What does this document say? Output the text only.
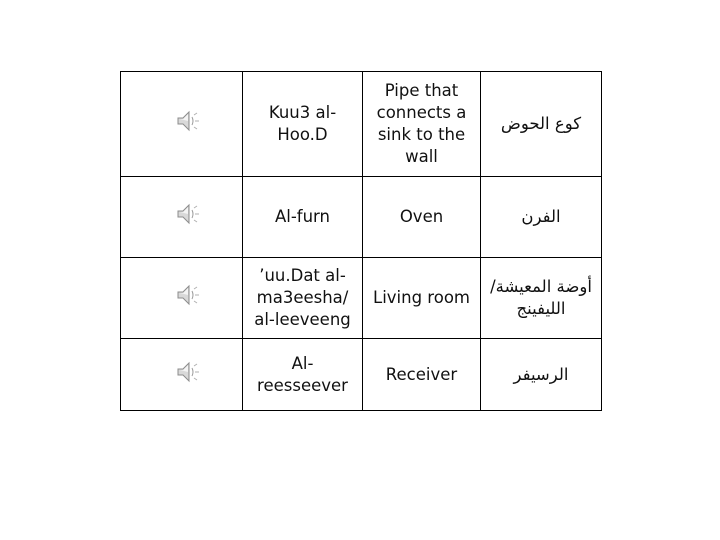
	Kuu3 al-Hoo.D	Pipe that connects a sink to the wall	كوع الحوض
	Al-furn	Oven	الفرن
	’uu.Dat al-ma3eesha/ al-leeveeng	Living room	أوضة المعيشة/الليفينج
	Al-reesseever	Receiver	الرسيفر
